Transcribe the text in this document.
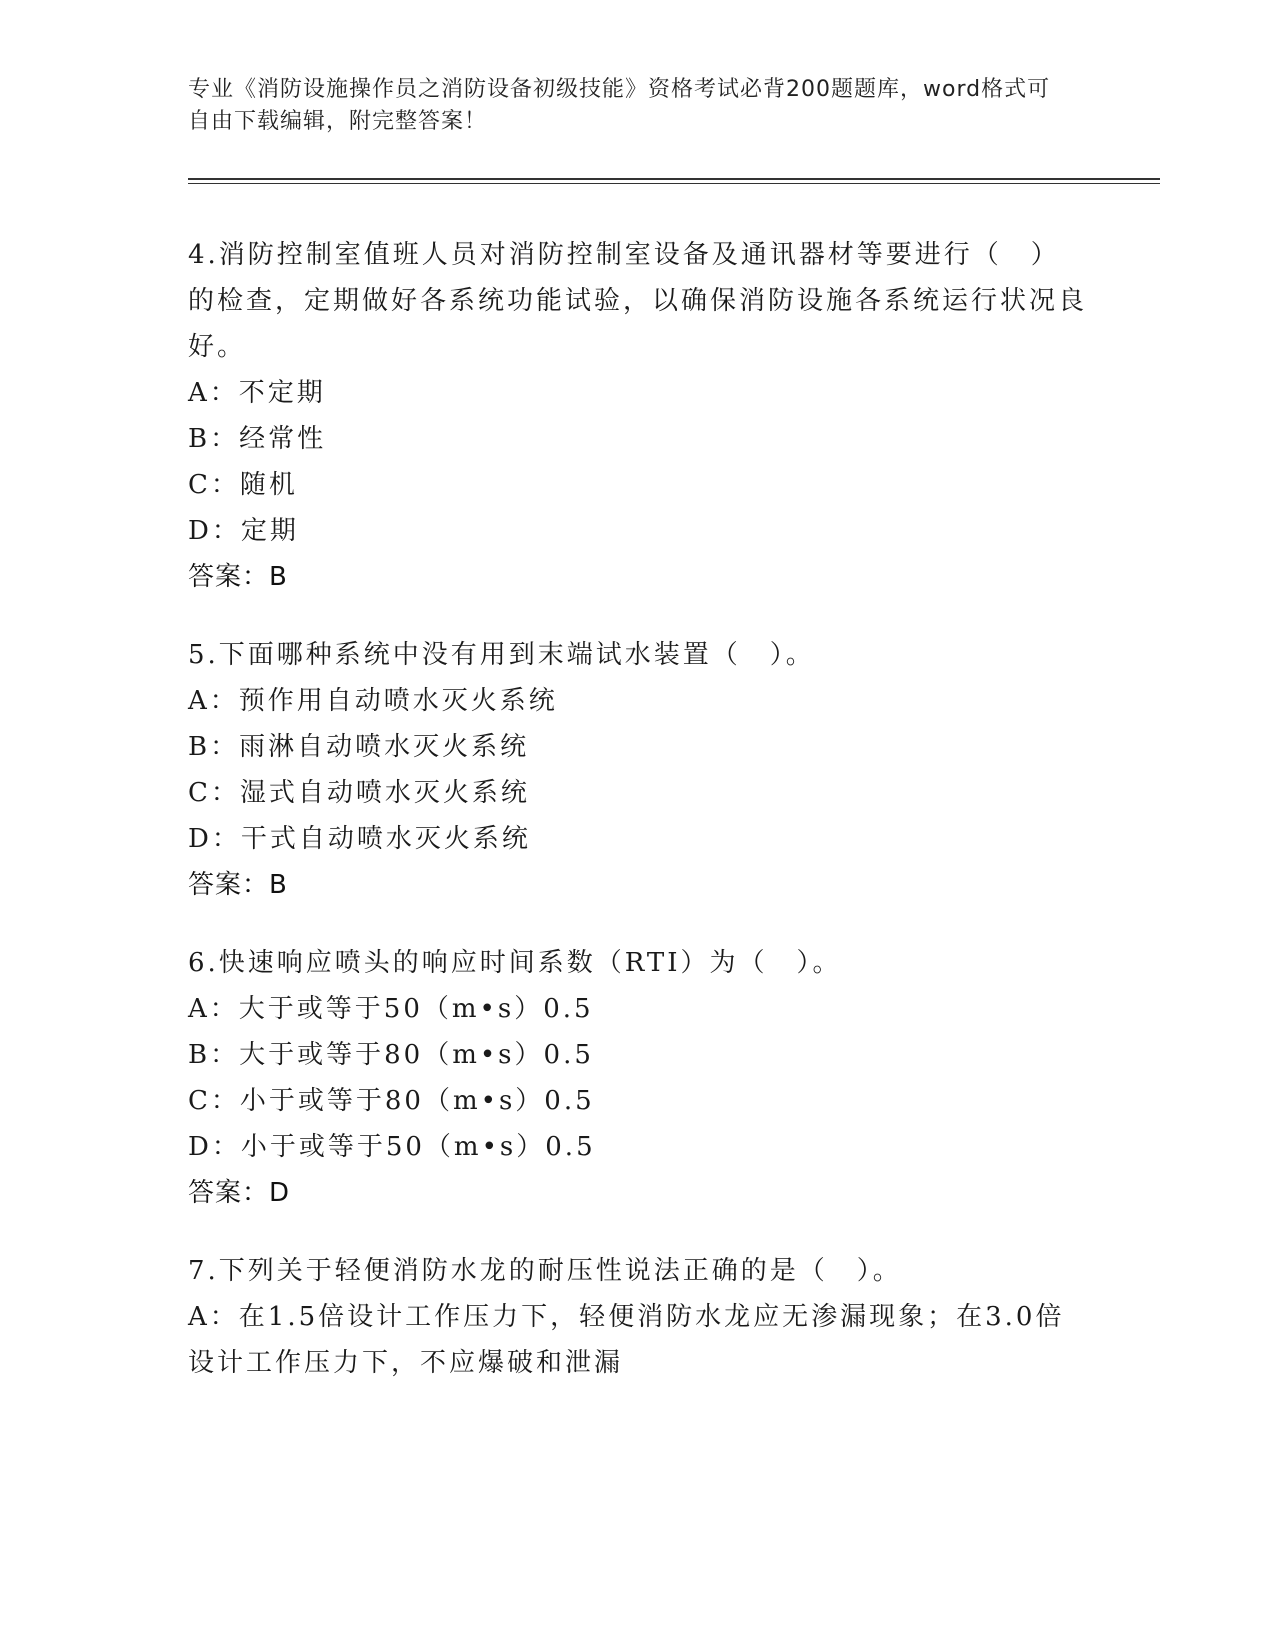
专业《消防设施操作员之消防设备初级技能》资格考试必背200题题库，word格式可自由下载编辑，附完整答案！
4.消防控制室值班人员对消防控制室设备及通讯器材等要进行（　）的检查，定期做好各系统功能试验，以确保消防设施各系统运行状况良好。
A：不定期
B：经常性
C：随机
D：定期
答案：B
5.下面哪种系统中没有用到末端试水装置（　）。
A：预作用自动喷水灭火系统
B：雨淋自动喷水灭火系统
C：湿式自动喷水灭火系统
D：干式自动喷水灭火系统
答案：B
6.快速响应喷头的响应时间系数（RTI）为（　）。
A：大于或等于50（m•s）0.5
B：大于或等于80（m•s）0.5
C：小于或等于80（m•s）0.5
D：小于或等于50（m•s）0.5
答案：D
7.下列关于轻便消防水龙的耐压性说法正确的是（　）。
A：在1.5倍设计工作压力下，轻便消防水龙应无渗漏现象；在3.0倍设计工作压力下，不应爆破和泄漏
